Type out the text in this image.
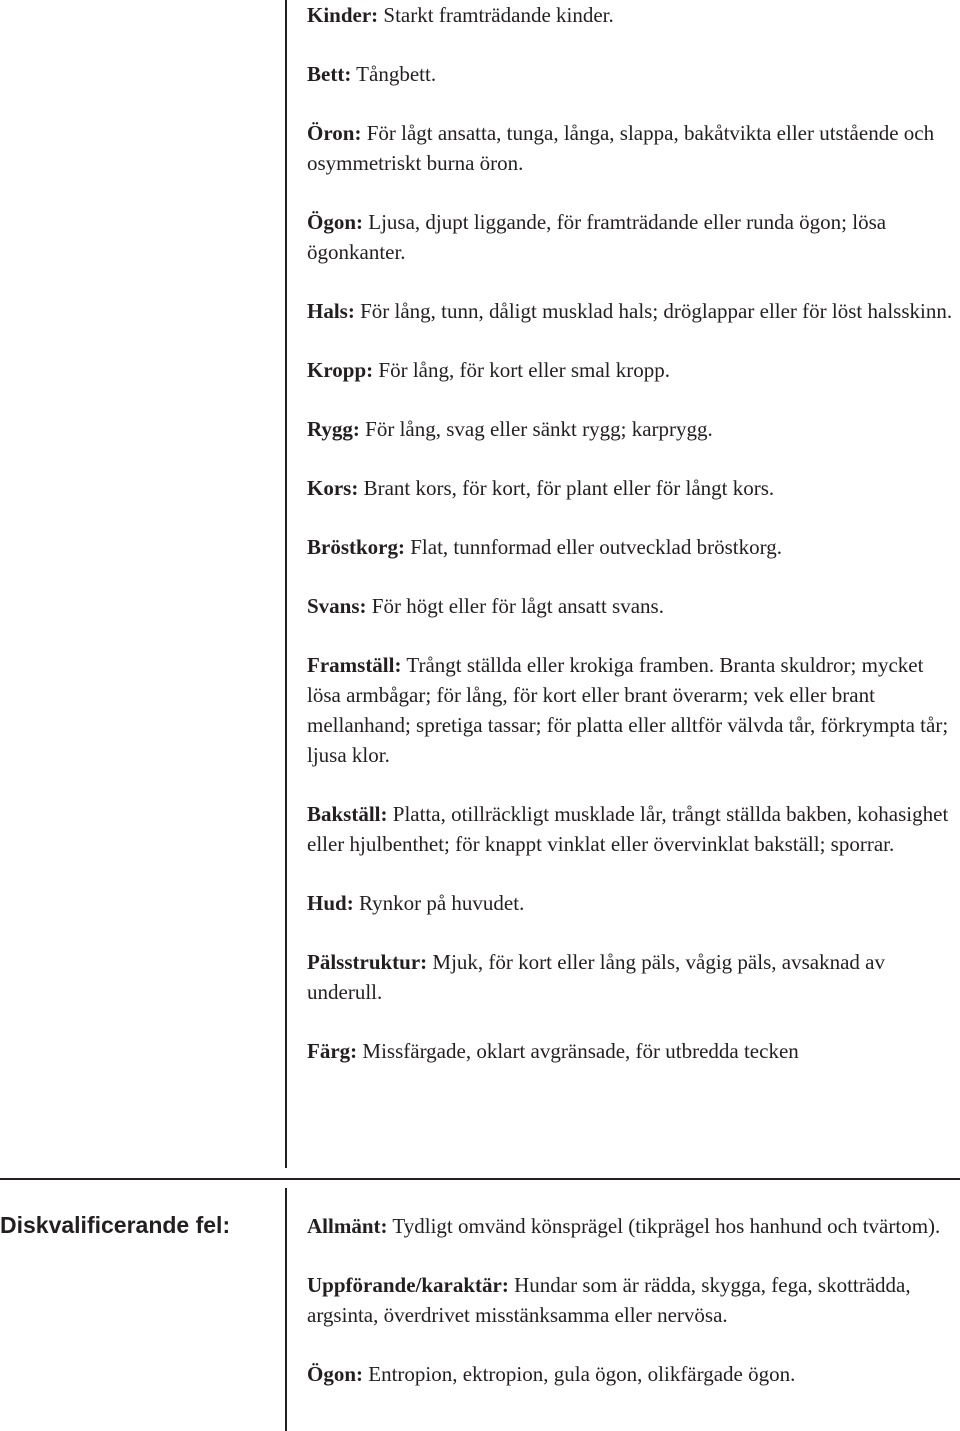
Kinder: Starkt framträdande kinder.

Bett: Tångbett.

Öron: För lågt ansatta, tunga, långa, slappa, bakåtvikta eller utstående och osymmetriskt burna öron.

Ögon: Ljusa, djupt liggande, för framträdande eller runda ögon; lösa ögonkanter.

Hals: För lång, tunn, dåligt musklad hals; dröglappar eller för löst halsskinn.

Kropp: För lång, för kort eller smal kropp.

Rygg: För lång, svag eller sänkt rygg; karprygg.

Kors: Brant kors, för kort, för plant eller för långt kors.

Bröstkorg: Flat, tunnformad eller outvecklad bröstkorg.

Svans: För högt eller för lågt ansatt svans.

Framställ: Trångt ställda eller krokiga framben. Branta skuldror; mycket lösa armbågar; för lång, för kort eller brant överarm; vek eller brant mellanhand; spretiga tassar; för platta eller alltför välvda tår, förkrympta tår; ljusa klor.

Bakställ: Platta, otillräckligt musklade lår, trångt ställda bakben, kohasighet eller hjulbenthet; för knappt vinklat eller övervinklat bakställ; sporrar.

Hud: Rynkor på huvudet.

Pälsstruktur: Mjuk, för kort eller lång päls, vågig päls, avsaknad av underull.

Färg: Missfärgade, oklart avgränsade, för utbredda tecken

Diskvalificerande fel:	Allmänt: Tydligt omvänd könsprägel (tikprägel hos hanhund och tvärtom).

Uppförande/karaktär: Hundar som är rädda, skygga, fega, skotträdda, argsinta, överdrivet misstänksamma eller nervösa.

Ögon: Entropion, ektropion, gula ögon, olikfärgade ögon.
